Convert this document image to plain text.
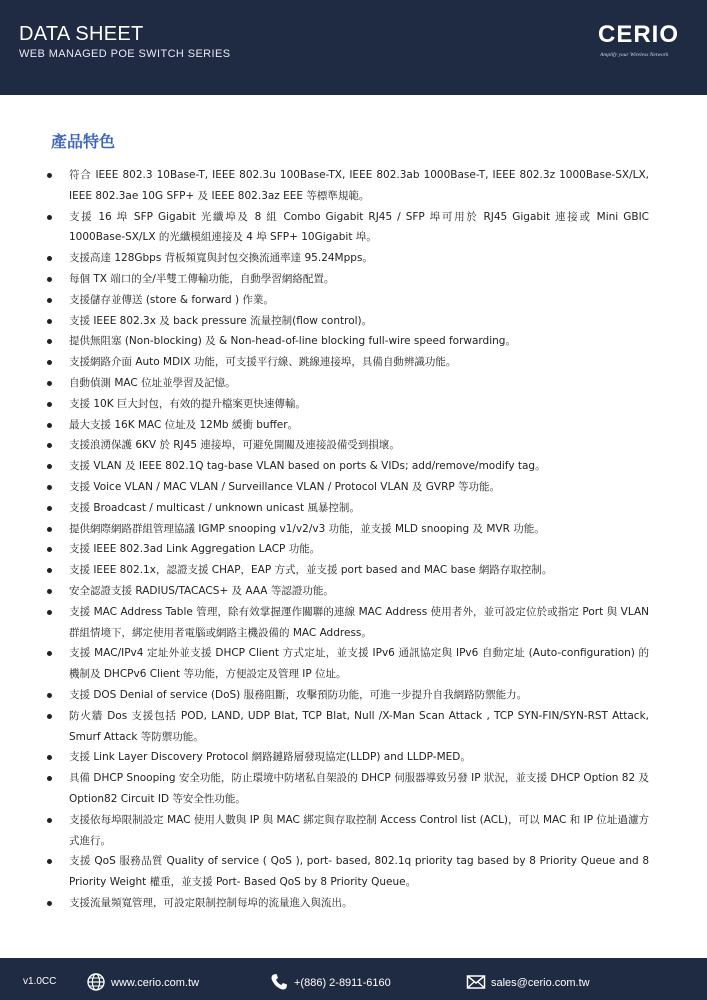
DATA SHEET
WEB MANAGED POE SWITCH SERIES
CERIO
Amplify your Wireless Network
產品特色
符合 IEEE 802.3 10Base-T, IEEE 802.3u 100Base-TX, IEEE 802.3ab 1000Base-T, IEEE 802.3z 1000Base-SX/LX, IEEE 802.3ae 10G SFP+ 及 IEEE 802.3az EEE 等標準規範。
支援 16 埠 SFP Gigabit 光纖埠及 8 組 Combo Gigabit RJ45 / SFP 埠可用於 RJ45 Gigabit 連接或 Mini GBIC 1000Base-SX/LX 的光纖模組連接及 4 埠 SFP+ 10Gigabit 埠。
支援高達 128Gbps 背板頻寬與封包交換流通率達 95.24Mpps。
每個 TX 端口的全/半雙工傳輸功能，自動學習網絡配置。
支援儲存並傳送 (store & forward ) 作業。
支援 IEEE 802.3x 及 back pressure 流量控制(flow control)。
提供無阻塞 (Non-blocking) 及 & Non-head-of-line blocking full-wire speed forwarding。
支援網路介面 Auto MDIX 功能，可支援平行線、跳線連接埠，具備自動辨識功能。
自動偵測 MAC 位址並學習及記憶。
支援 10K 巨大封包，有效的提升檔案更快速傳輸。
最大支援 16K MAC 位址及 12Mb 緩衝 buffer。
支援浪湧保護 6KV 於 RJ45 連接埠，可避免開關及連接設備受到損壞。
支援 VLAN 及 IEEE 802.1Q tag-base VLAN based on ports & VIDs; add/remove/modify tag。
支援 Voice VLAN / MAC VLAN / Surveillance VLAN / Protocol VLAN 及 GVRP 等功能。
支援 Broadcast / multicast / unknown unicast 風暴控制。
提供網際網路群組管理協議 IGMP snooping v1/v2/v3 功能，並支援 MLD snooping 及 MVR 功能。
支援 IEEE 802.3ad Link Aggregation LACP 功能。
支援 IEEE 802.1x，認證支援 CHAP，EAP 方式，並支援 port based and MAC base 網路存取控制。
安全認證支援 RADIUS/TACACS+ 及 AAA 等認證功能。
支援 MAC Address Table 管理，除有效掌握運作關聯的連線 MAC Address 使用者外，並可設定位於或指定 Port 與 VLAN 群組情境下，綁定使用者電腦或網路主機設備的 MAC Address。
支援 MAC/IPv4 定址外並支援 DHCP Client 方式定址，並支援 IPv6 通訊協定與 IPv6 自動定址 (Auto-configuration) 的機制及 DHCPv6 Client 等功能，方便設定及管理 IP 位址。
支援 DOS Denial of service (DoS) 服務阻斷，攻擊預防功能，可進一步提升自我網路防禦能力。
防火牆 Dos 支援包括 POD, LAND, UDP Blat, TCP Blat, Null /X-Man Scan Attack , TCP SYN-FIN/SYN-RST Attack, Smurf Attack 等防禦功能。
支援 Link Layer Discovery Protocol 網路鏈路層發現協定(LLDP) and LLDP-MED。
具備 DHCP Snooping 安全功能，防止環境中防堵私自架設的 DHCP 伺服器導致另發 IP 狀況，並支援 DHCP Option 82 及 Option82 Circuit ID 等安全性功能。
支援依每埠限制設定 MAC 使用人數與 IP 與 MAC 綁定與存取控制 Access Control list (ACL)，可以 MAC 和 IP 位址過濾方式進行。
支援 QoS 服務品質 Quality of service ( QoS ), port- based, 802.1q priority tag based by 8 Priority Queue and 8 Priority Weight 權重，並支援 Port- Based QoS by 8 Priority Queue。
支援流量頻寬管理，可設定限制控制每埠的流量進入與流出。
v1.0CC	www.cerio.com.tw	+(886) 2-8911-6160	sales@cerio.com.tw
